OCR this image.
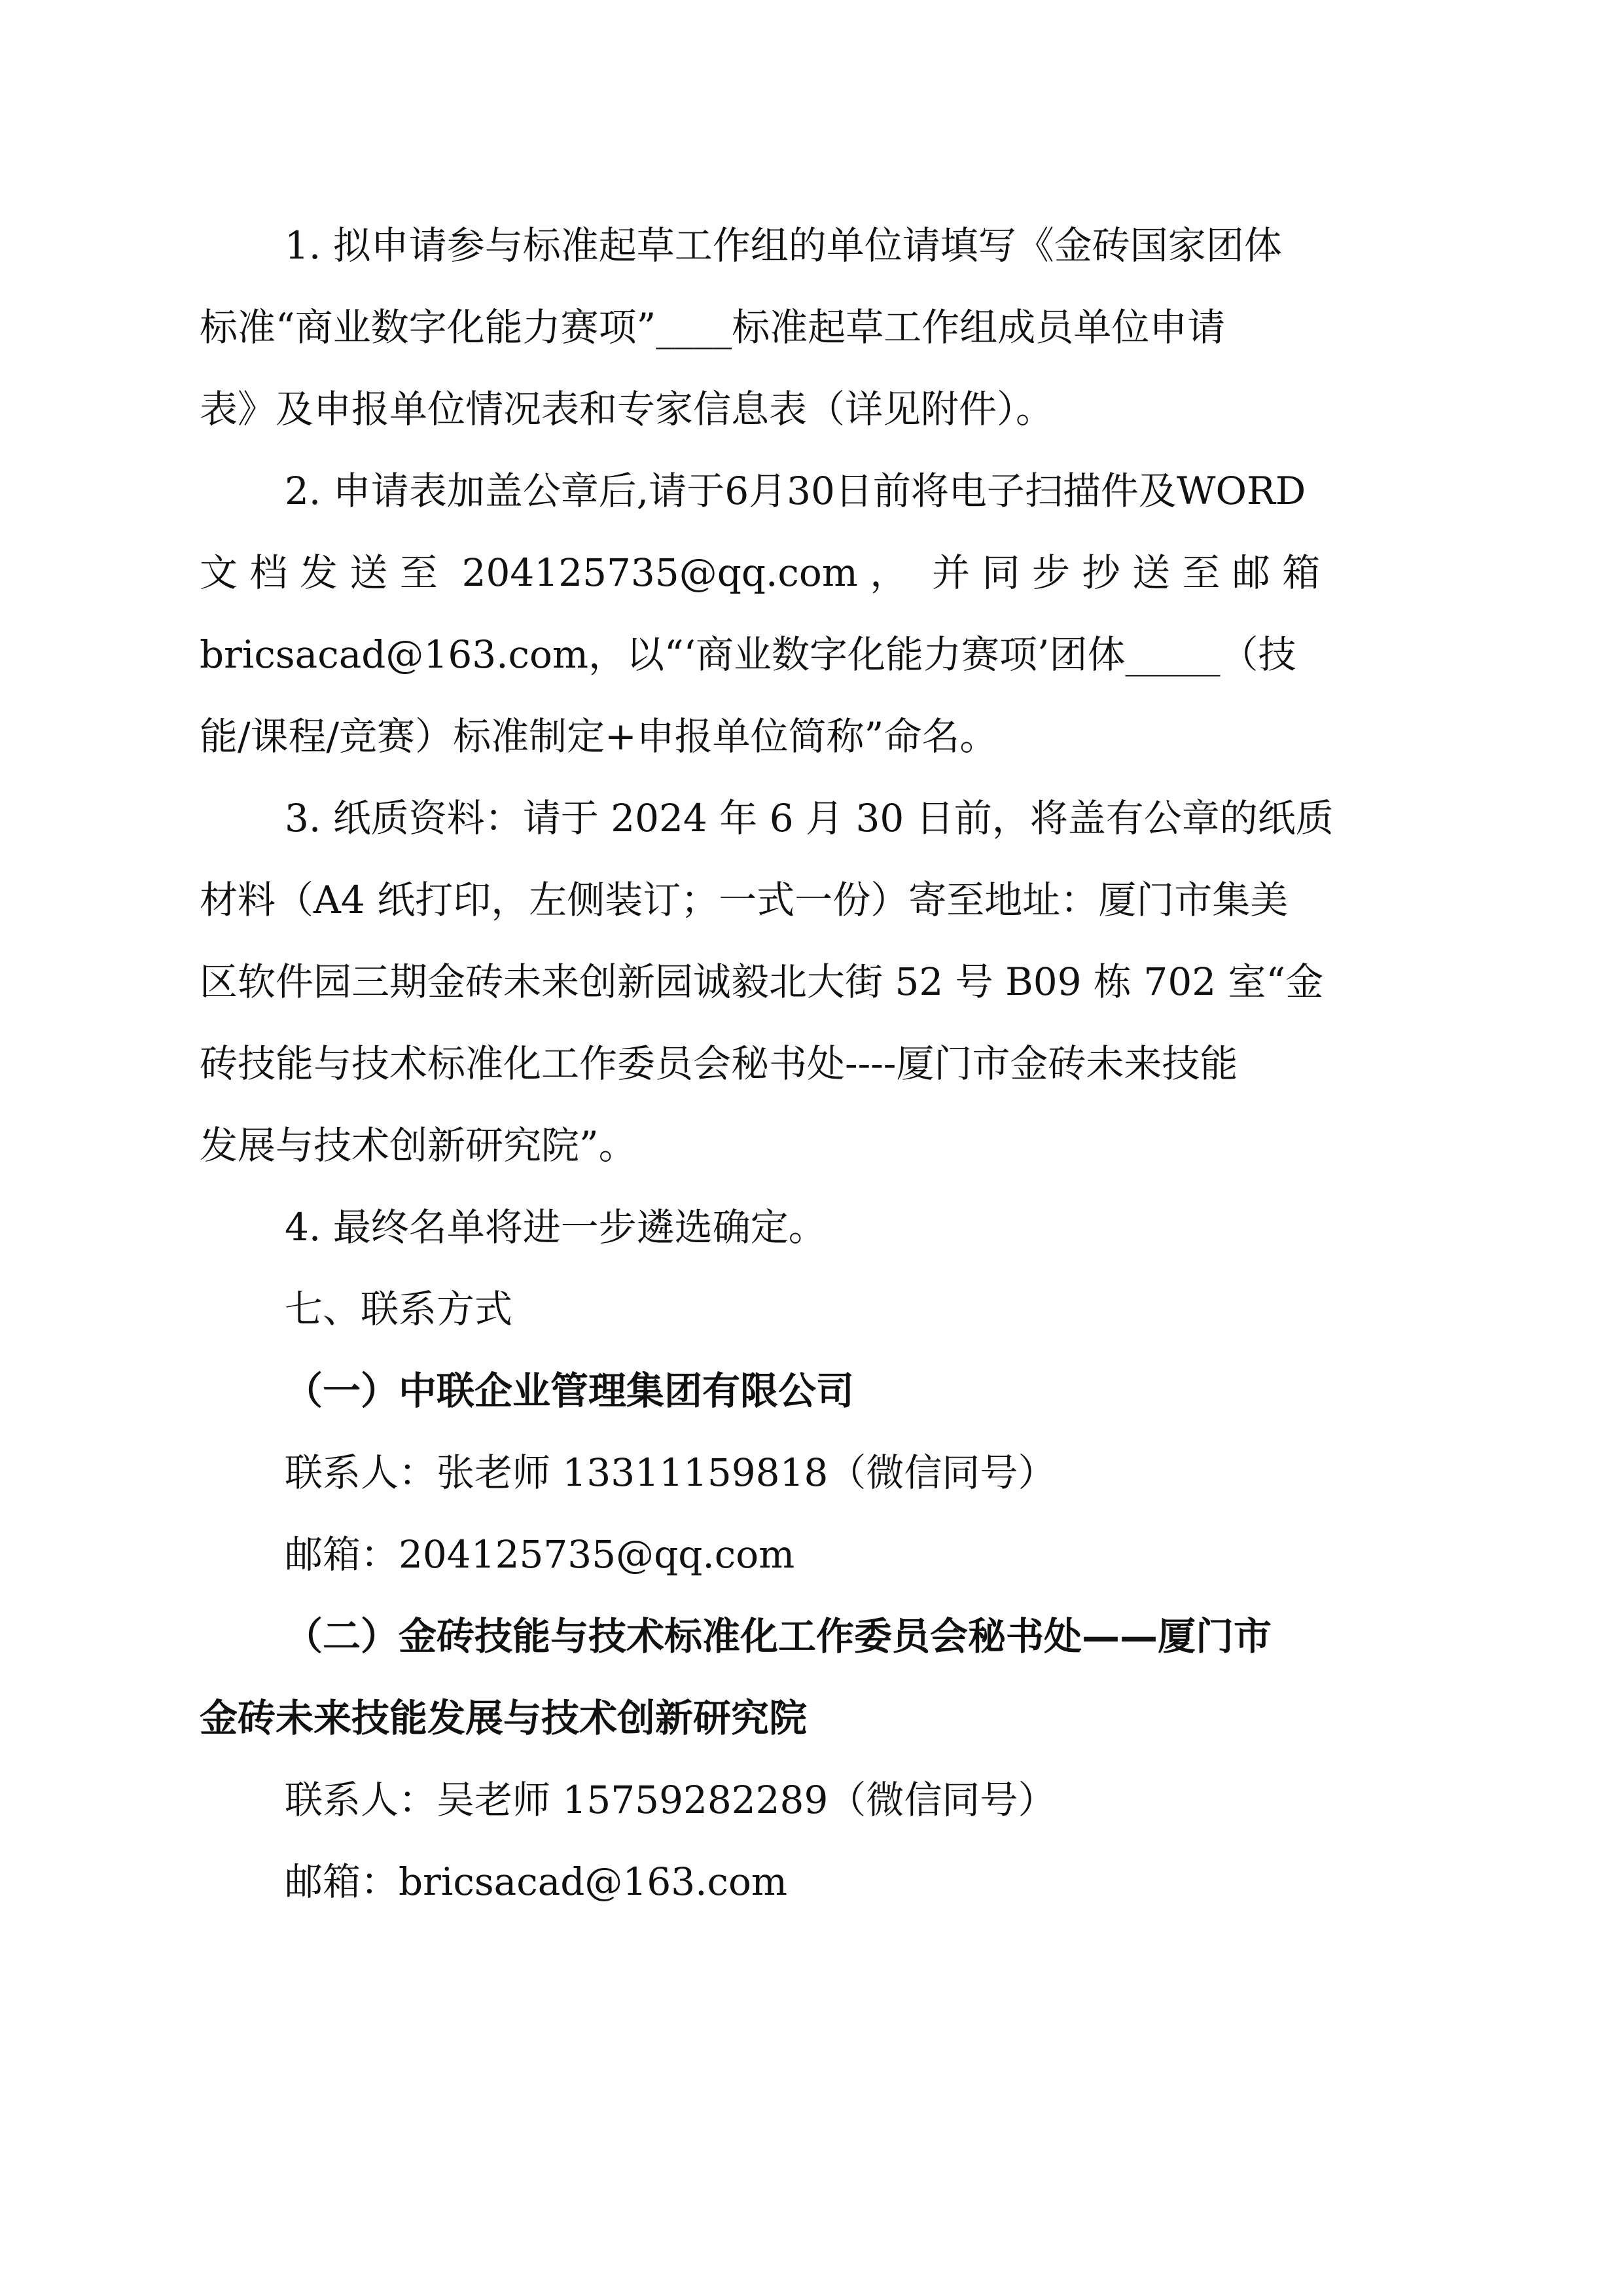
1. 拟申请参与标准起草工作组的单位请填写《金砖国家团体
标准“商业数字化能力赛项”____标准起草工作组成员单位申请
表》及申报单位情况表和专家信息表（详见附件）。
2. 申请表加盖公章后,请于6月30日前将电子扫描件及WORD
文 档 发 送 至  204125735@qq.com ，  并 同 步 抄 送 至 邮 箱
bricsacad@163.com，以“‘商业数字化能力赛项’团体_____（技
能/课程/竞赛）标准制定+申报单位简称”命名。
3. 纸质资料：请于 2024 年 6 月 30 日前，将盖有公章的纸质
材料（A4 纸打印，左侧装订；一式一份）寄至地址：厦门市集美
区软件园三期金砖未来创新园诚毅北大街 52 号 B09 栋 702 室“金
砖技能与技术标准化工作委员会秘书处----厦门市金砖未来技能
发展与技术创新研究院”。
4. 最终名单将进一步遴选确定。
七、联系方式
（一）中联企业管理集团有限公司
联系人：张老师 13311159818（微信同号）
邮箱：204125735@qq.com
（二）金砖技能与技术标准化工作委员会秘书处——厦门市
金砖未来技能发展与技术创新研究院
联系人：吴老师 15759282289（微信同号）
邮箱：bricsacad@163.com
